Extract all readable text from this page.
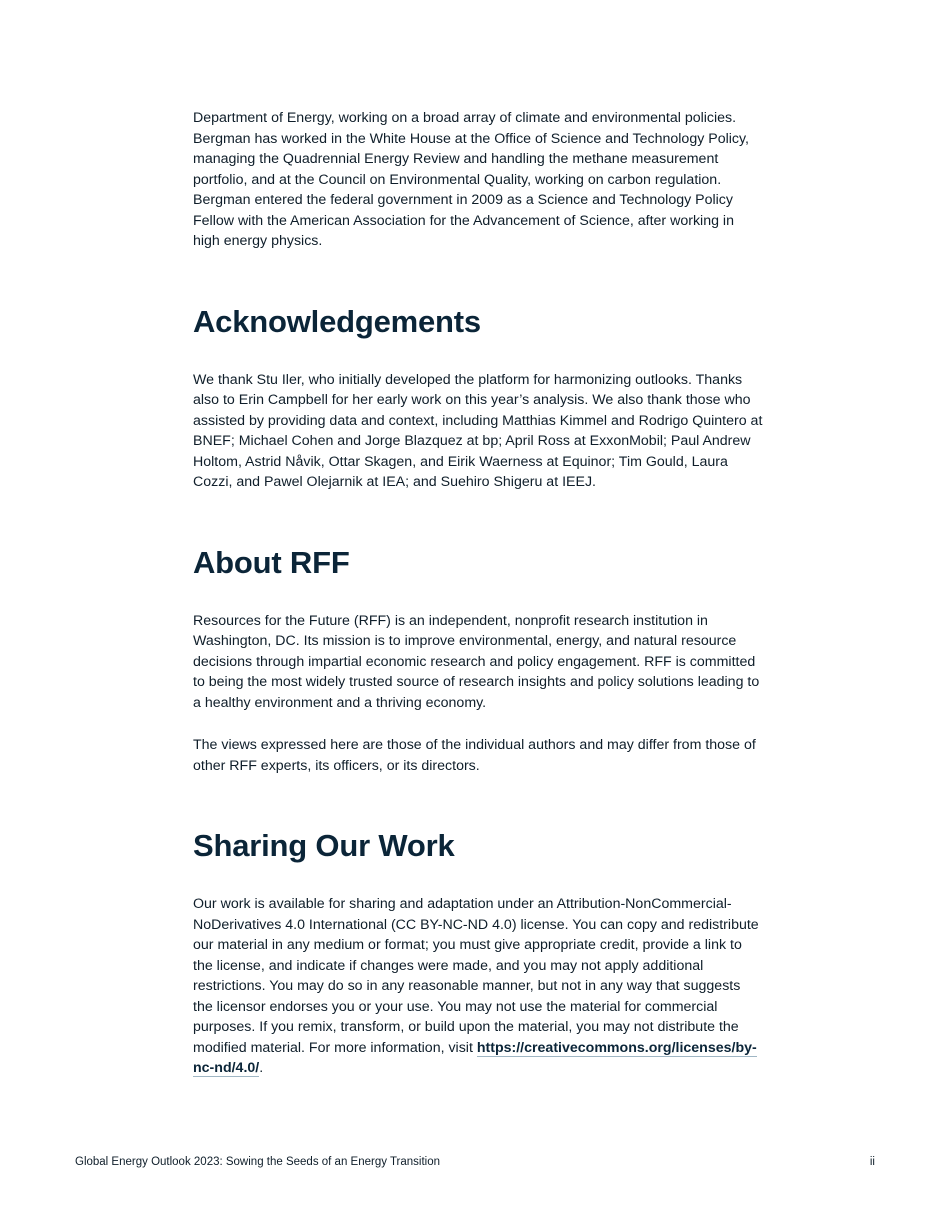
Department of Energy, working on a broad array of climate and environmental policies. Bergman has worked in the White House at the Office of Science and Technology Policy, managing the Quadrennial Energy Review and handling the methane measurement portfolio, and at the Council on Environmental Quality, working on carbon regulation. Bergman entered the federal government in 2009 as a Science and Technology Policy Fellow with the American Association for the Advancement of Science, after working in high energy physics.

Acknowledgements

We thank Stu Iler, who initially developed the platform for harmonizing outlooks. Thanks also to Erin Campbell for her early work on this year’s analysis. We also thank those who assisted by providing data and context, including Matthias Kimmel and Rodrigo Quintero at BNEF; Michael Cohen and Jorge Blazquez at bp; April Ross at ExxonMobil; Paul Andrew Holtom, Astrid Nåvik, Ottar Skagen, and Eirik Waerness at Equinor; Tim Gould, Laura Cozzi, and Pawel Olejarnik at IEA; and Suehiro Shigeru at IEEJ.

About RFF

Resources for the Future (RFF) is an independent, nonprofit research institution in Washington, DC. Its mission is to improve environmental, energy, and natural resource decisions through impartial economic research and policy engagement. RFF is committed to being the most widely trusted source of research insights and policy solutions leading to a healthy environment and a thriving economy.

The views expressed here are those of the individual authors and may differ from those of other RFF experts, its officers, or its directors.

Sharing Our Work

Our work is available for sharing and adaptation under an Attribution-NonCommercial-NoDerivatives 4.0 International (CC BY-NC-ND 4.0) license. You can copy and redistribute our material in any medium or format; you must give appropriate credit, provide a link to the license, and indicate if changes were made, and you may not apply additional restrictions. You may do so in any reasonable manner, but not in any way that suggests the licensor endorses you or your use. You may not use the material for commercial purposes. If you remix, transform, or build upon the material, you may not distribute the modified material. For more information, visit https://creativecommons.org/licenses/by-nc-nd/4.0/.

Global Energy Outlook 2023: Sowing the Seeds of an Energy Transition	ii
